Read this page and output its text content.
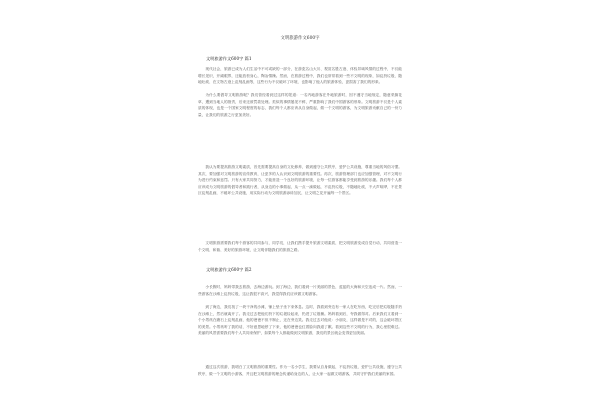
文明旅游作文600字
文明旅游作文600字 篇1

现代社会，旅游已成为人们生活中不可或缺的一部分，在游览名山大川、观赏名胜古迹、体验异域风情的过程中，不仅能增长见识，开阔眼界，还能放松身心，陶冶情操。然而，在旅游过程中，我们也常常看到一些不文明的现象，如乱扔垃圾、随地吐痰、在文物古迹上乱刻乱画等，这些行为不仅破坏了环境，也影响了他人的旅游体验，更损害了我们的形象。

为什么要倡导文明旅游呢？我们曾经看到过这样的报道：一名内地游客在外地旅游时，因不遵守当地规定，随意采摘花草，遭到当地人的指责，后来还被罚款处理。类似的事情屡见不鲜，严重影响了我们中国游客的形象。文明旅游不仅是个人素质的体现，也是一个国家文明程度的标志，我们每个人都应该从自身做起，做一个文明的游客，为文明旅游贡献自己的一份力量，让我们的旅游之行更加美好。

我认为要提高旅游文明素质，首先需要提高自身的文化修养，做到遵守公共秩序，爱护公共设施，尊重当地的风俗习惯。其次，要加强对文明旅游的宣传教育，让更多的人认识到文明旅游的重要性。再次，旅游管理部门也应加强管理，对不文明行为进行约束和惩罚。只有大家共同努力，才能营造一个良好的旅游环境，让每一位游客都能享受到旅游的乐趣。我们每个人都应该成为文明旅游的倡导者和践行者，从身边的小事做起，从一点一滴做起，不乱扔垃圾，不随地吐痰，不大声喧哗，不在景区乱刻乱画，不破坏公共设施，用实际行动为文明旅游添砖加瓦，让文明之花开遍每一个景区。

文明旅游需要我们每个游客的共同参与，同学们，让我们携手提升旅游文明素质，把文明旅游变成自觉行动，共同营造一个文明、和谐、美好的旅游环境，让文明伴随我们的旅游之路。

文明旅游作文600字 篇2

小长假时，妈妈带我去旅游，去海边游玩。到了海边，我们看到一片美丽的景色，蓝蓝的大海和天空连成一片。然而，一些游客在沙滩上乱扔垃圾，这让我很不高兴，我觉得我们应该做文明游客。

到了海边，我们找了一块干净的沙滩，铺上垫子坐下来休息。这时，我看到旁边有一家人在吃东西，吃完后把垃圾随手扔在沙滩上，然后就离开了。我走过去把他们扔下的垃圾捡起来，扔进了垃圾桶。妈妈看到后，夸我做得对。后来我们又看到一个小男孩在礁石上乱刻乱画，他的爸爸不但不制止，还在旁边笑。我走过去对他说：小朋友，这样做是不对的，这会破坏景区的美景。小男孩听了我的话，不好意思地停了下来，他的爸爸也红着脸向我道了歉。看到这些不文明的行为，我心里很难过。美丽的风景需要我们每个人共同来保护，如果每个人都能做到文明旅游，我们的景区就会变得更加美丽。

通过这次旅游，我明白了文明旅游的重要性。作为一名小学生，我要从自身做起，不乱扔垃圾，爱护公共设施，遵守公共秩序，做一个文明的小游客，并且把文明旅游的理念传递给身边的人，让大家一起做文明游客，共同守护我们美丽的家园。
